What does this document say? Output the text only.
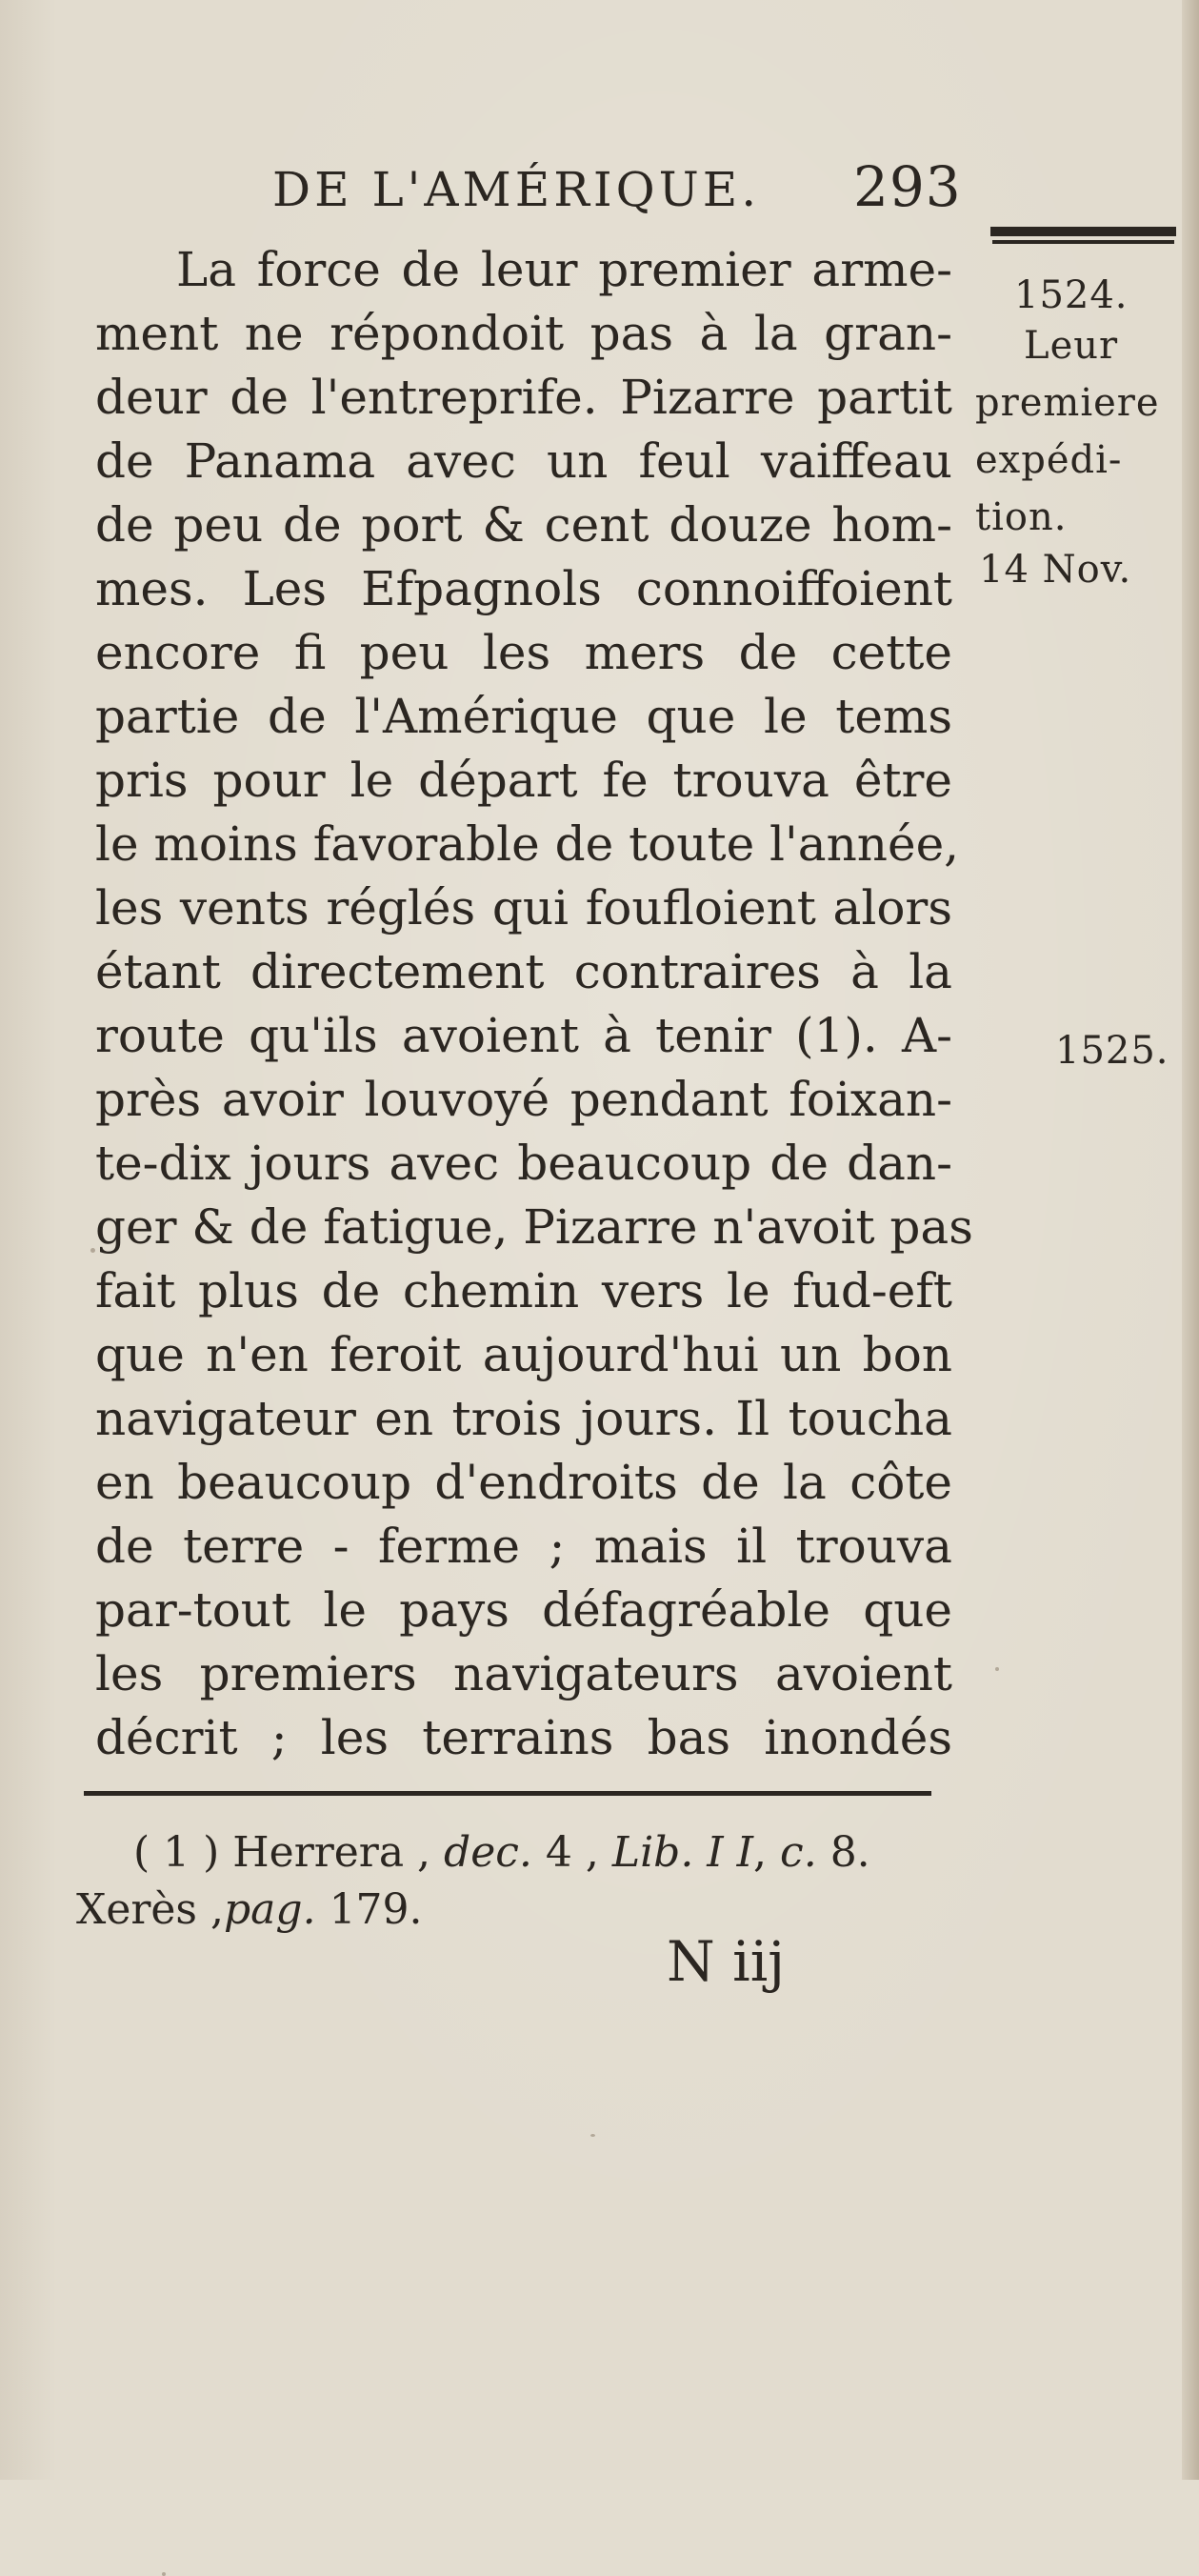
DE L'AMÉRIQUE. 293
La force de leur premier arme-
ment ne répondoit pas à la gran-
deur de l'entreprife. Pizarre partit
de Panama avec un feul vaiffeau
de peu de port & cent douze hom-
mes. Les Efpagnols connoiffoient
encore fi peu les mers de cette
partie de l'Amérique que le tems
pris pour le départ fe trouva être
le moins favorable de toute l'année,
les vents réglés qui foufloient alors
étant directement contraires à la
route qu'ils avoient à tenir (1). A-
près avoir louvoyé pendant foixan-
te-dix jours avec beaucoup de dan-
ger & de fatigue, Pizarre n'avoit pas
fait plus de chemin vers le fud-eft
que n'en feroit aujourd'hui un bon
navigateur en trois jours. Il toucha
en beaucoup d'endroits de la côte
de terre - ferme ; mais il trouva
par-tout le pays défagréable que
les premiers navigateurs avoient
décrit ; les terrains bas inondés
1524.
Leur
premiere
expédi-
tion.
14 Nov.
1525.
( 1 ) Herrera , dec. 4 , Lib. I I, c. 8.
Xerès ,pag. 179.
N iij
